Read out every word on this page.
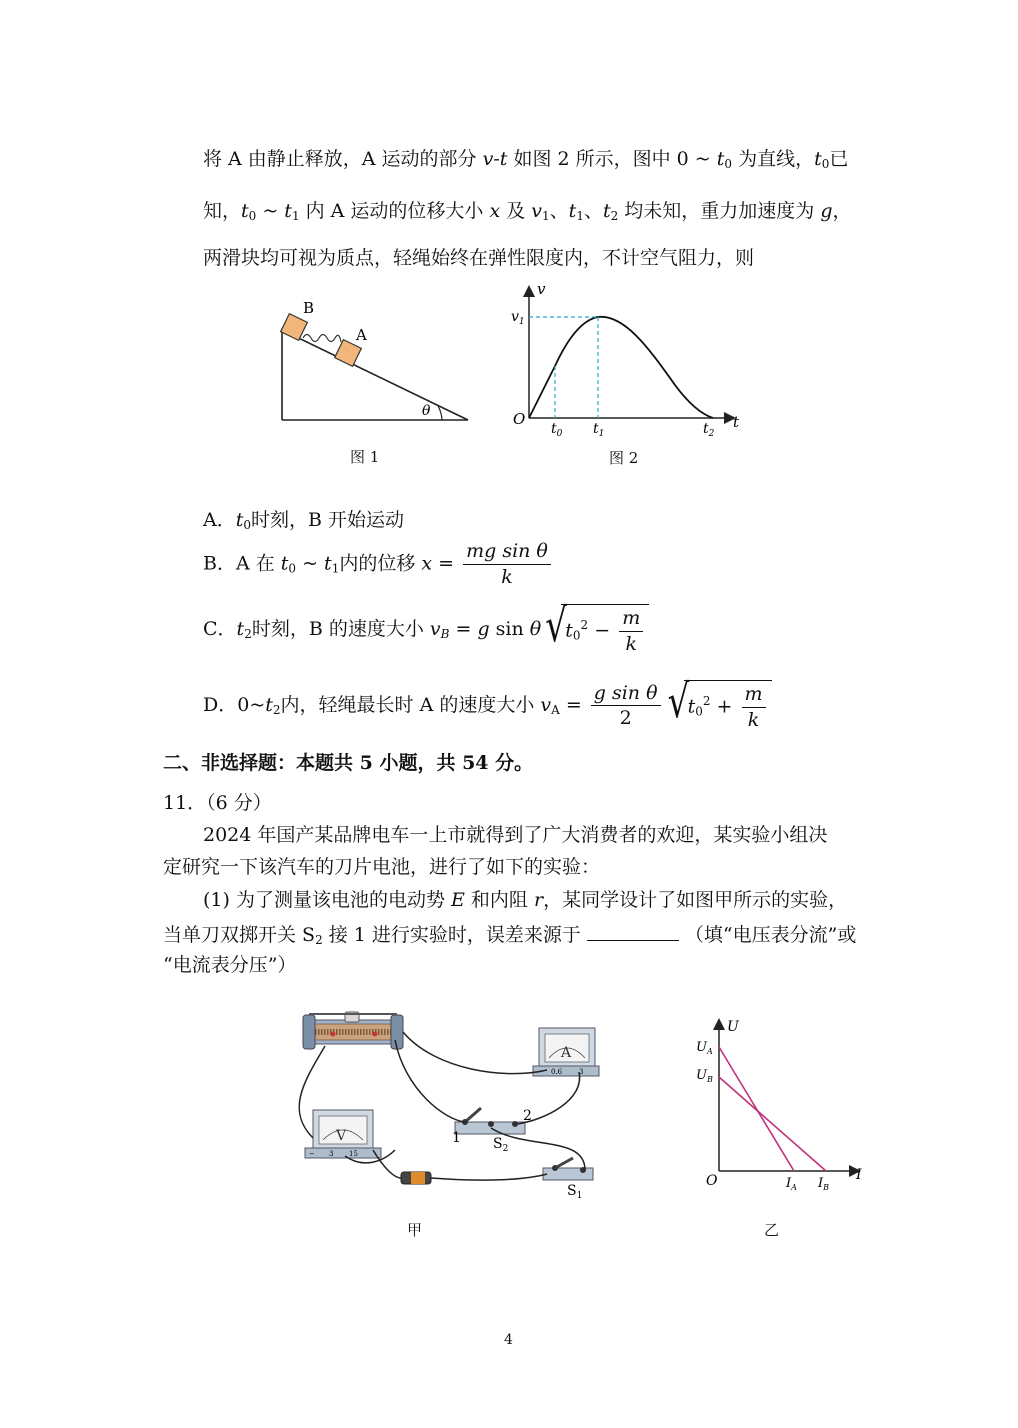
将 A 由静止释放，A 运动的部分 v-t 如图 2 所示，图中 0 ~ $t_0$ 为直线，$t_0$已
知，$t_0$ ~ $t_1$ 内 A 运动的位移大小 x 及 $v_1$、$t_1$、$t_2$ 均未知，重力加速度为 g，
两滑块均可视为质点，轻绳始终在弹性限度内，不计空气阻力，则
B
A
θ
图 1
v
t
O
$v_1$
$t_0$ $t_1$	$t_2$
图 2
A．$t_0$时刻，B 开始运动
B．A 在 $t_0$ ~ $t_1$内的位移 $x = \frac{\text{mg sin θ}}{k}$
C．$t_2$时刻，B 的速度大小 $v_B = g$ sin θ √ $t_0^2 - \frac{m}{k}$
D．$0\sim t_2$内，轻绳最长时 A 的速度大小 $v_A = \frac{\text{g sin θ}}{2}$ √ $t_0^2 + \frac{m}{k}$
二、非选择题：本题共 5 小题，共 54 分。
11．（6 分）
2024 年国产某品牌电车一上市就得到了广大消费者的欢迎，某实验小组决
定研究一下该汽车的刀片电池，进行了如下的实验：
(1) 为了测量该电池的电动势 E 和内阻 r，某同学设计了如图甲所示的实验，
当单刀双掷开关 $S_2$ 接 1 进行实验时，误差来源于	（填“电压表分流”或
“电流表分压”）
A
− 0.6 3
V
− 3 15
1
2
$S_2$
$S_1$
甲
U
I
O
$U_A$
$U_B$
$I_A$ $I_B$
乙
4
